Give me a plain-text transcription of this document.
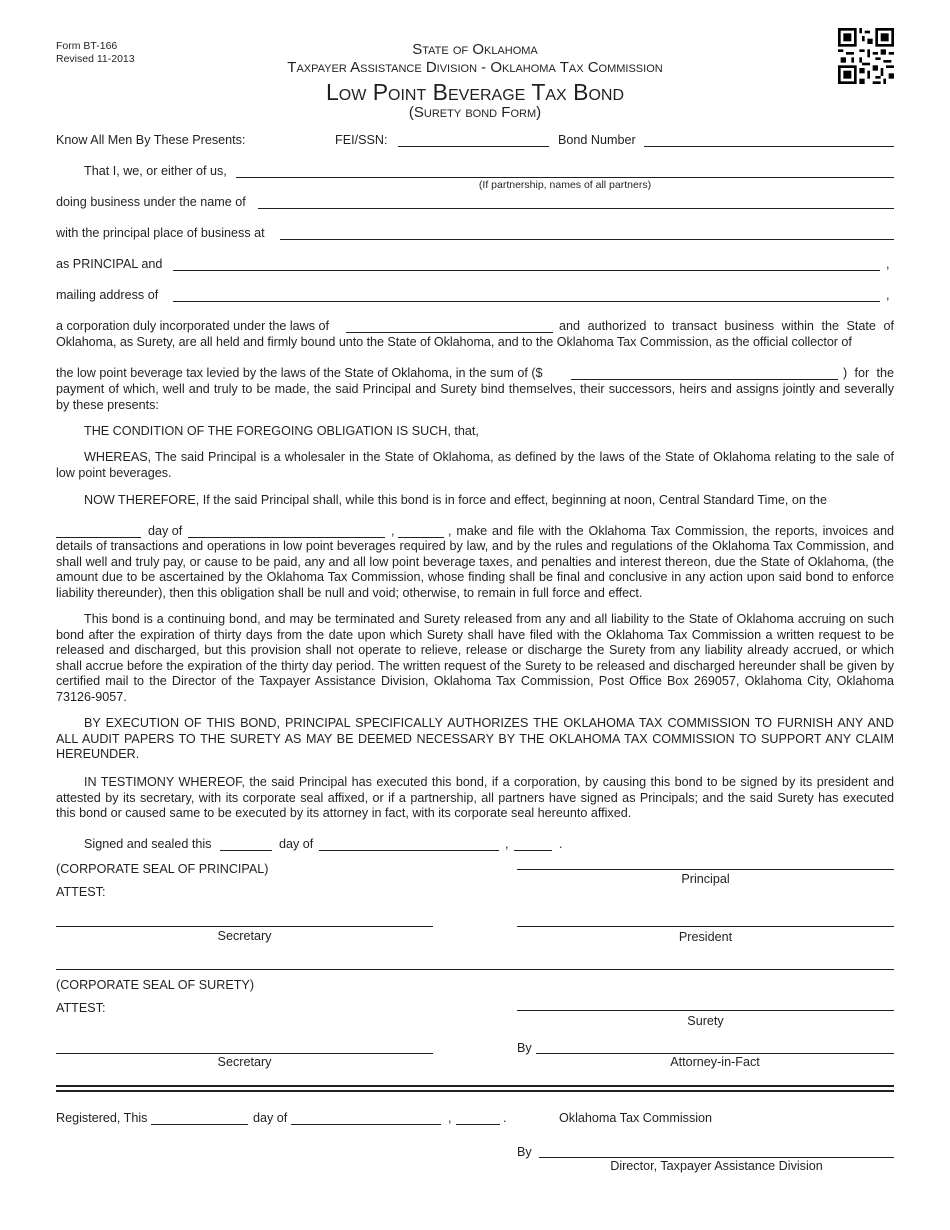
Form BT-166
Revised 11-2013
State of Oklahoma
Taxpayer Assistance Division - Oklahoma Tax Commission
Low Point Beverage Tax Bond
(Surety bond Form)
Know All Men By These Presents:	FEI/SSN:	Bond Number
That I, we, or either of us,
(If partnership, names of all partners)
doing business under the name of
with the principal place of business at
as PRINCIPAL and	,
mailing address of	,
a corporation duly incorporated under the laws of	and authorized to transact business within the State of
Oklahoma, as Surety, are all held and firmly bound unto the State of Oklahoma, and to the Oklahoma Tax Commission, as the official collector of
the low point beverage tax levied by the laws of the State of Oklahoma, in the sum of ($	) for the

payment of which, well and truly to be made, the said Principal and Surety bind themselves, their successors, heirs and assigns jointly and severally by these presents:

THE CONDITION OF THE FOREGOING OBLIGATION IS SUCH, that,

WHEREAS, The said Principal is a wholesaler in the State of Oklahoma, as defined by the laws of the State of Oklahoma relating to the sale of low point beverages.

NOW THEREFORE, If the said Principal shall, while this bond is in force and effect, beginning at noon, Central Standard Time, on the
day of	,	, make and file with the Oklahoma Tax Commission, the reports, invoices and

details of transactions and operations in low point beverages required by law, and by the rules and regulations of the Oklahoma Tax Commission, and shall well and truly pay, or cause to be paid, any and all low point beverage taxes, and penalties and interest thereon, due the State of Oklahoma, (the amount due to be ascertained by the Oklahoma Tax Commission, whose finding shall be final and conclusive in any action upon said bond to enforce liability thereunder), then this obligation shall be null and void; otherwise, to remain in full force and effect.

This bond is a continuing bond, and may be terminated and Surety released from any and all liability to the State of Oklahoma accruing on such bond after the expiration of thirty days from the date upon which Surety shall have filed with the Oklahoma Tax Commission a written request to be released and discharged, but this provision shall not operate to relieve, release or discharge the Surety from any liability already accrued, or which shall accrue before the expiration of the thirty day period. The written request of the Surety to be released and discharged hereunder shall be given by certified mail to the Director of the Taxpayer Assistance Division, Oklahoma Tax Commission, Post Office Box 269057, Oklahoma City, Oklahoma 73126-9057.

BY EXECUTION OF THIS BOND, PRINCIPAL SPECIFICALLY AUTHORIZES THE OKLAHOMA TAX COMMISSION TO FURNISH ANY AND ALL AUDIT PAPERS TO THE SURETY AS MAY BE DEEMED NECESSARY BY THE OKLAHOMA TAX COMMISSION TO SUPPORT ANY CLAIM HEREUNDER.

IN TESTIMONY WHEREOF, the said Principal has executed this bond, if a corporation, by causing this bond to be signed by its president and attested by its secretary, with its corporate seal affixed, or if a partnership, all partners have signed as Principals; and the said Surety has executed this bond or caused same to be executed by its attorney in fact, with its corporate seal hereunto affixed.

Signed and sealed this	day of	,	.
(CORPORATE SEAL OF PRINCIPAL)
ATTEST:
Principal
Secretary	President
(CORPORATE SEAL OF SURETY)
ATTEST:
Surety
Secretary
By
Attorney-in-Fact
Registered, This	day of	,	.	Oklahoma Tax Commission
By
Director, Taxpayer Assistance Division
